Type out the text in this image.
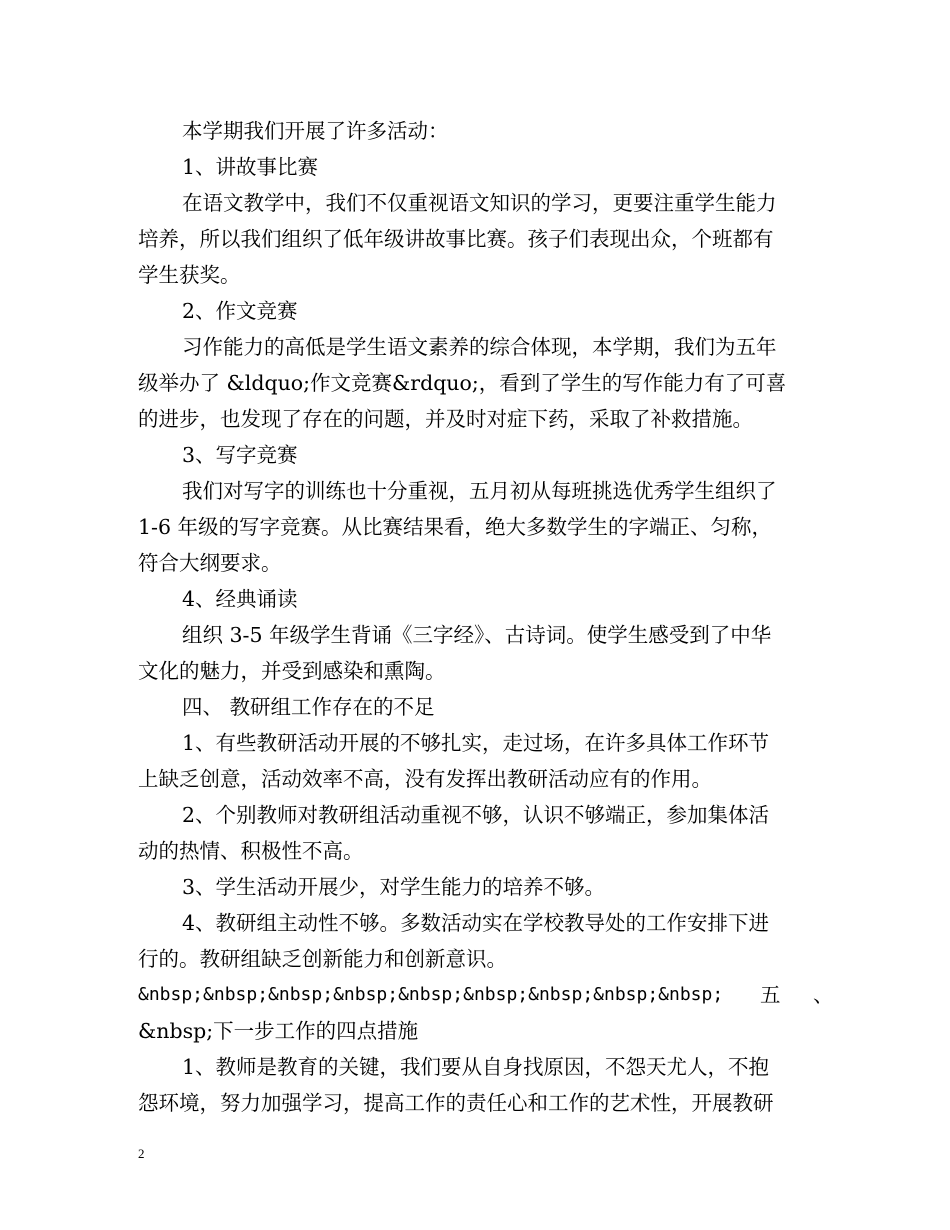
本学期我们开展了许多活动：
1、讲故事比赛
在语文教学中，我们不仅重视语文知识的学习，更要注重学生能力
培养，所以我们组织了低年级讲故事比赛。孩子们表现出众，个班都有
学生获奖。
2、作文竞赛
习作能力的高低是学生语文素养的综合体现，本学期，我们为五年
级举办了 &ldquo;作文竞赛&rdquo;，看到了学生的写作能力有了可喜
的进步，也发现了存在的问题，并及时对症下药，采取了补救措施。
3、写字竞赛
我们对写字的训练也十分重视，五月初从每班挑选优秀学生组织了
1-6 年级的写字竞赛。从比赛结果看，绝大多数学生的字端正、匀称，
符合大纲要求。
4、经典诵读
组织 3-5 年级学生背诵《三字经》、古诗词。使学生感受到了中华
文化的魅力，并受到感染和熏陶。
四、 教研组工作存在的不足
1、有些教研活动开展的不够扎实，走过场，在许多具体工作环节
上缺乏创意，活动效率不高，没有发挥出教研活动应有的作用。
2、个别教师对教研组活动重视不够，认识不够端正，参加集体活
动的热情、积极性不高。
3、学生活动开展少，对学生能力的培养不够。
4、教研组主动性不够。多数活动实在学校教导处的工作安排下进
行的。教研组缺乏创新能力和创新意识。
&nbsp;&nbsp;&nbsp;&nbsp;&nbsp;&nbsp;&nbsp;&nbsp;&nbsp; 五 、
&nbsp;下一步工作的四点措施
1、教师是教育的关键，我们要从自身找原因，不怨天尤人，不抱
怨环境，努力加强学习，提高工作的责任心和工作的艺术性，开展教研
2
